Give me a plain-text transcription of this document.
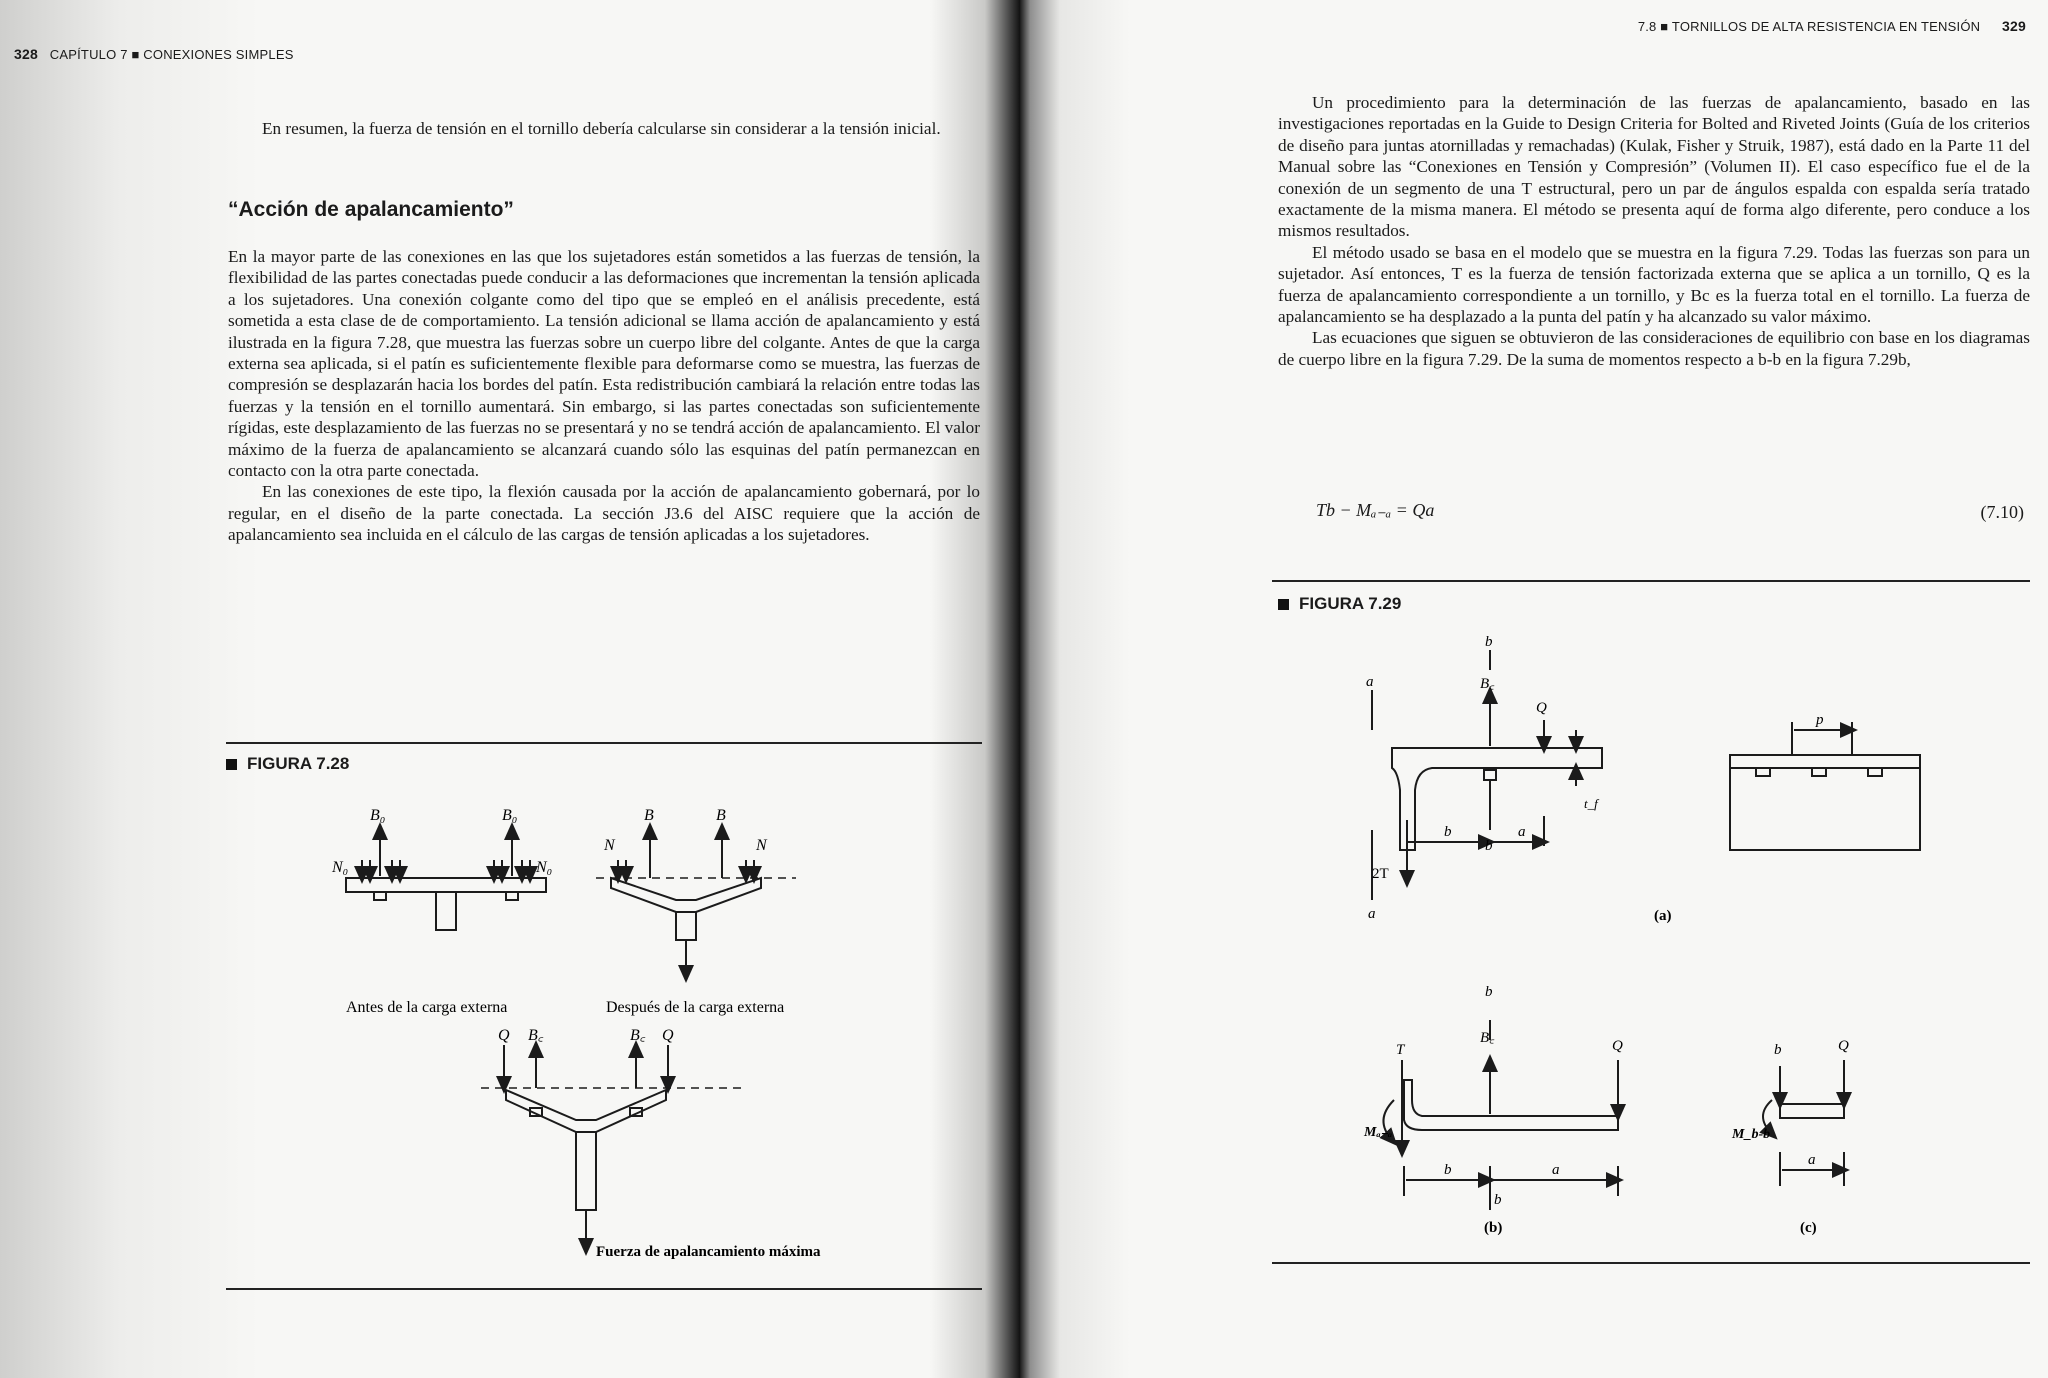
328 CAPÍTULO 7 ■ CONEXIONES SIMPLES

En resumen, la fuerza de tensión en el tornillo debería calcularse sin considerar a la tensión inicial.

“Acción de apalancamiento”

En la mayor parte de las conexiones en las que los sujetadores están sometidos a las fuerzas de tensión, la flexibilidad de las partes conectadas puede conducir a las deformaciones que incrementan la tensión aplicada a los sujetadores. Una conexión colgante como del tipo que se empleó en el análisis precedente, está sometida a esta clase de de comportamiento. La tensión adicional se llama acción de apalancamiento y está ilustrada en la figura 7.28, que muestra las fuerzas sobre un cuerpo libre del colgante. Antes de que la carga externa sea aplicada, si el patín es suficientemente flexible para deformarse como se muestra, las fuerzas de compresión se desplazarán hacia los bordes del patín. Esta redistribución cambiará la relación entre todas las fuerzas y la tensión en el tornillo aumentará. Sin embargo, si las partes conectadas son suficientemente rígidas, este desplazamiento de las fuerzas no se presentará y no se tendrá acción de apalancamiento. El valor máximo de la fuerza de apalancamiento se alcanzará cuando sólo las esquinas del patín permanezcan en contacto con la otra parte conectada.

En las conexiones de este tipo, la flexión causada por la acción de apalancamiento gobernará, por lo regular, en el diseño de la parte conectada. La sección J3.6 del AISC requiere que la acción de apalancamiento sea incluida en el cálculo de las cargas de tensión aplicadas a los sujetadores.

FIGURA 7.28
B₀	B₀
N₀	N₀
Antes de la carga externa
B	B
N	N
Después de la carga externa
Q B꜀	B꜀ Q
Fuerza de apalancamiento máxima
7.8 ■ TORNILLOS DE ALTA RESISTENCIA EN TENSIÓN 329

Un procedimiento para la determinación de las fuerzas de apalancamiento, basado en las investigaciones reportadas en la Guide to Design Criteria for Bolted and Riveted Joints (Guía de los criterios de diseño para juntas atornilladas y remachadas) (Kulak, Fisher y Struik, 1987), está dado en la Parte 11 del Manual sobre las “Conexiones en Tensión y Compresión” (Volumen II). El caso específico fue el de la conexión de un segmento de una T estructural, pero un par de ángulos espalda con espalda sería tratado exactamente de la misma manera. El método se presenta aquí de forma algo diferente, pero conduce a los mismos resultados.

El método usado se basa en el modelo que se muestra en la figura 7.29. Todas las fuerzas son para un sujetador. Así entonces, T es la fuerza de tensión factorizada externa que se aplica a un tornillo, Q es la fuerza de apalancamiento correspondiente a un tornillo, y Bc es la fuerza total en el tornillo. La fuerza de apalancamiento se ha desplazado a la punta del patín y ha alcanzado su valor máximo.

Las ecuaciones que siguen se obtuvieron de las consideraciones de equilibrio con base en los diagramas de cuerpo libre en la figura 7.29. De la suma de momentos respecto a b-b en la figura 7.29b,

Tb − Mₐ₋ₐ = Qa	(7.10)
FIGURA 7.29
a
b
B꜀
Q
t_f
b
b	a
2T
a	(a)
p
b
B꜀	Q
T
Mₐ₋ₐ
b	a
b
(b)
b	Q
M_b-b
a
(c)
